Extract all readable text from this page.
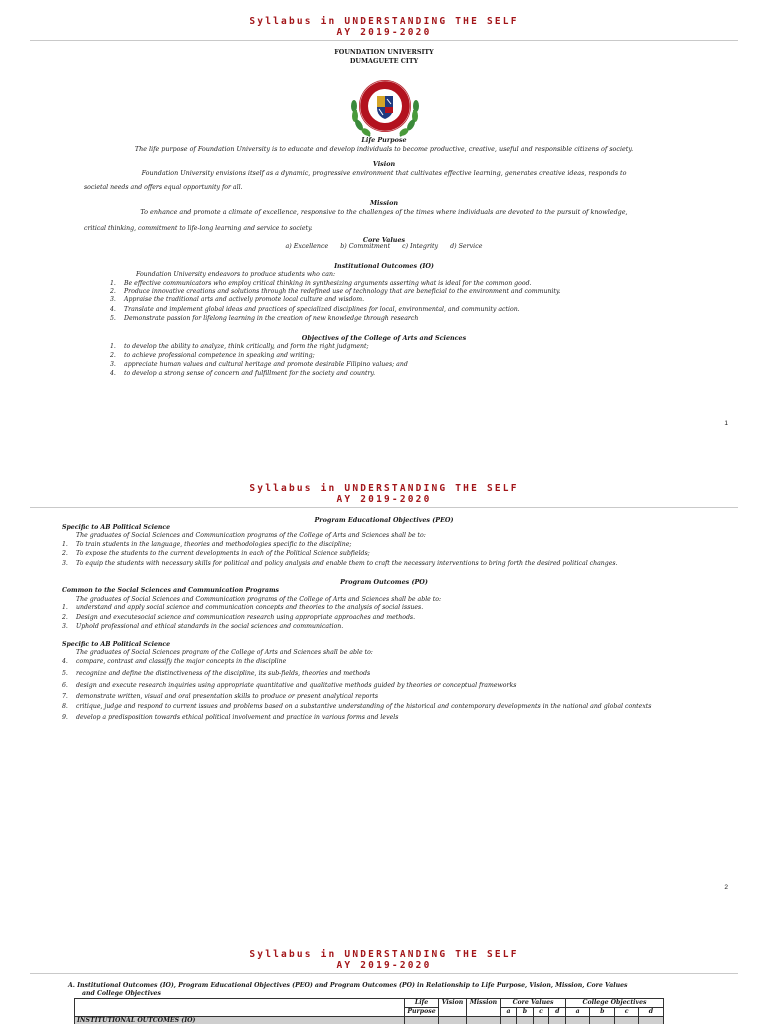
Syllabus in UNDERSTANDING THE SELF
AY 2019-2020
FOUNDATION UNIVERSITY
DUMAGUETE CITY
Life Purpose
The life purpose of Foundation University is to educate and develop individuals to become productive, creative, useful and responsible citizens of society.
Vision
Foundation University envisions itself as a dynamic, progressive environment that cultivates effective learning, generates creative ideas, responds to
societal needs and offers equal opportunity for all.
Mission
To enhance and promote a climate of excellence, responsive to the challenges of the times where individuals are devoted to the pursuit of knowledge,
critical thinking, commitment to life-long learning and service to society.
Core Values
a) Excellence b) Commitment c) Integrity d) Service
Institutional Outcomes (IO)
Foundation University endeavors to produce students who can:
1. Be effective communicators who employ critical thinking in synthesizing arguments asserting what is ideal for the common good.
2. Produce innovative creations and solutions through the redefined use of technology that are beneficial to the environment and community.
3. Appraise the traditional arts and actively promote local culture and wisdom.
4. Translate and implement global ideas and practices of specialized disciplines for local, environmental, and community action.
5. Demonstrate passion for lifelong learning in the creation of new knowledge through research
Objectives of the College of Arts and Sciences
1. to develop the ability to analyze, think critically, and form the right judgment;
2. to achieve professional competence in speaking and writing;
3. appreciate human values and cultural heritage and promote desirable Filipino values; and
4. to develop a strong sense of concern and fulfillment for the society and country.
1
Syllabus in UNDERSTANDING THE SELF
AY 2019-2020
Program Educational Objectives (PEO)
Specific to AB Political Science
The graduates of Social Sciences and Communication programs of the College of Arts and Sciences shall be to:
1. To train students in the language, theories and methodologies specific to the discipline;
2. To expose the students to the current developments in each of the Political Science subfields;
3. To equip the students with necessary skills for political and policy analysis and enable them to craft the necessary interventions to bring forth the desired political changes.
Program Outcomes (PO)
Common to the Social Sciences and Communication Programs
The graduates of Social Sciences and Communication programs of the College of Arts and Sciences shall be able to:
1. understand and apply social science and communication concepts and theories to the analysis of social issues.
2. Design and executesocial science and communication research using appropriate approaches and methods.
3. Uphold professional and ethical standards in the social sciences and communication.
Specific to AB Political Science
The graduates of Social Sciences program of the College of Arts and Sciences shall be able to:
4. compare, contrast and classify the major concepts in the discipline
5. recognize and define the distinctiveness of the discipline, its sub-fields, theories and methods
6. design and execute research inquiries using appropriate quantitative and qualitative methods guided by theories or conceptual frameworks
7. demonstrate written, visual and oral presentation skills to produce or present analytical reports
8. critique, judge and respond to current issues and problems based on a substantive understanding of the historical and contemporary developments in the national and global contexts
9. develop a predisposition towards ethical political involvement and practice in various forms and levels
2
Syllabus in UNDERSTANDING THE SELF
AY 2019-2020
A. Institutional Outcomes (IO), Program Educational Objectives (PEO) and Program Outcomes (PO) in Relationship to Life Purpose, Vision, Mission, Core Values
and College Objectives
	Life	Vision	Mission	Core Values				College Objectives			
	Purpose			a	b	c	d	a	b	c	d
INSTITUTIONAL OUTCOMES (IO)											
